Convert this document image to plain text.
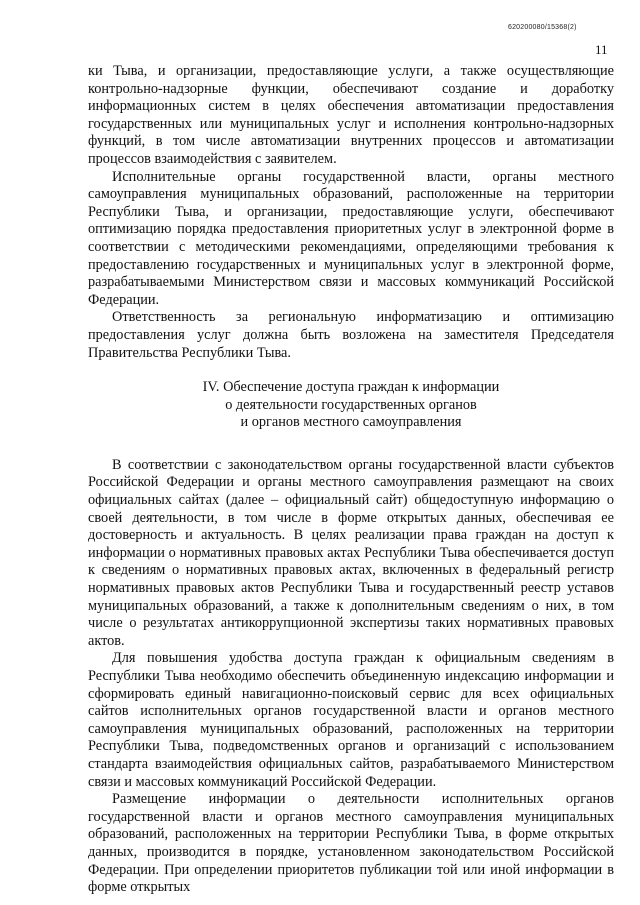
620200080/15368(2)
11

ки Тыва, и организации, предоставляющие услуги, а также осуществляющие контрольно-надзорные функции, обеспечивают создание и доработку информационных систем в целях обеспечения автоматизации предоставления государственных или муниципальных услуг и исполнения контрольно-надзорных функций, в том числе автоматизации внутренних процессов и автоматизации процессов взаимодействия с заявителем.

Исполнительные органы государственной власти, органы местного самоуправления муниципальных образований, расположенные на территории Республики Тыва, и организации, предоставляющие услуги, обеспечивают оптимизацию порядка предоставления приоритетных услуг в электронной форме в соответствии с методическими рекомендациями, определяющими требования к предоставлению государственных и муниципальных услуг в электронной форме, разрабатываемыми Министерством связи и массовых коммуникаций Российской Федерации.

Ответственность за региональную информатизацию и оптимизацию предоставления услуг должна быть возложена на заместителя Председателя Правительства Республики Тыва.

IV. Обеспечение доступа граждан к информации
о деятельности государственных органов
и органов местного самоуправления

В соответствии с законодательством органы государственной власти субъектов Российской Федерации и органы местного самоуправления размещают на своих официальных сайтах (далее – официальный сайт) общедоступную информацию о своей деятельности, в том числе в форме открытых данных, обеспечивая ее достоверность и актуальность. В целях реализации права граждан на доступ к информации о нормативных правовых актах Республики Тыва обеспечивается доступ к сведениям о нормативных правовых актах, включенных в федеральный регистр нормативных правовых актов Республики Тыва и государственный реестр уставов муниципальных образований, а также к дополнительным сведениям о них, в том числе о результатах антикоррупционной экспертизы таких нормативных правовых актов.

Для повышения удобства доступа граждан к официальным сведениям в Республики Тыва необходимо обеспечить объединенную индексацию информации и сформировать единый навигационно-поисковый сервис для всех официальных сайтов исполнительных органов государственной власти и органов местного самоуправления муниципальных образований, расположенных на территории Республики Тыва, подведомственных органов и организаций с использованием стандарта взаимодействия официальных сайтов, разрабатываемого Министерством связи и массовых коммуникаций Российской Федерации.

Размещение информации о деятельности исполнительных органов государственной власти и органов местного самоуправления муниципальных образований, расположенных на территории Республики Тыва, в форме открытых данных, производится в порядке, установленном законодательством Российской Федерации. При определении приоритетов публикации той или иной информации в форме открытых
